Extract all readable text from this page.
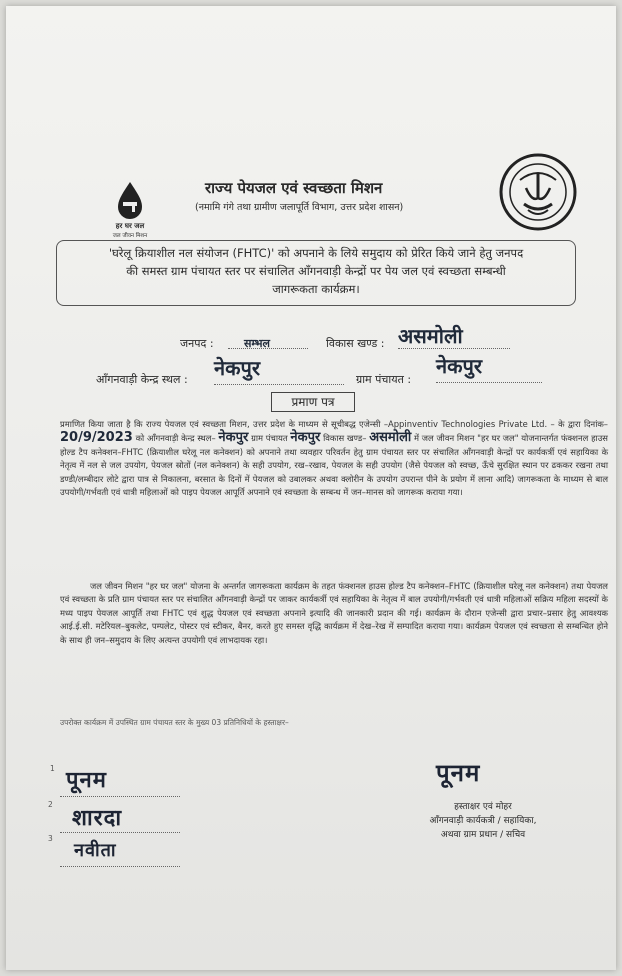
हर घर जल
जल जीवन मिशन
राज्य पेयजल एवं स्वच्छता मिशन
(नमामि गंगे तथा ग्रामीण जलापूर्ति विभाग, उत्तर प्रदेश शासन)
'घरेलू क्रियाशील नल संयोजन (FHTC)' को अपनाने के लिये समुदाय को प्रेरित किये जाने हेतु जनपद
की समस्त ग्राम पंचायत स्तर पर संचालित आँगनवाड़ी केन्द्रों पर पेय जल एवं स्वच्छता सम्बन्धी
जागरूकता कार्यक्रम।
जनपद :	सम्भल	विकास खण्ड : असमोली
आँगनवाड़ी केन्द्र स्थल : नेकपुर	ग्राम पंचायत :
नेकपुर
प्रमाण पत्र
प्रमाणित किया जाता है कि राज्य पेयजल एवं स्वच्छता मिशन, उत्तर प्रदेश के माध्यम से सूचीबद्ध एजेन्सी –Appinventiv Technologies Private Ltd. – के द्वारा दिनांक– 20/9/2023 को आँगनवाड़ी केन्द्र स्थल– नेकपुर ग्राम पंचायत नेकपुर विकास खण्ड– असमोली में जल जीवन मिशन "हर घर जल" योजनान्तर्गत फंक्शनल हाउस होल्ड टैप कनेक्शन–FHTC (क्रियाशील घरेलू नल कनेक्शन) को अपनाने तथा व्यवहार परिवर्तन हेतु ग्राम पंचायत स्तर पर संचालित आँगनवाड़ी केन्द्रों पर कार्यकर्त्री एवं सहायिका के नेतृत्व में नल से जल उपयोग, पेयजल स्रोतों (नल कनेक्शन) के सही उपयोग, रख–रखाव, पेयजल के सही उपयोग (जैसे पेयजल को स्वच्छ, ऊँचे सुरक्षित स्थान पर ढककर रखना तथा डण्डी/लम्बीदार लोटे द्वारा पात्र से निकालना, बरसात के दिनों में पेयजल को उबालकर अथवा क्लोरीन के उपयोग उपरान्त पीने के प्रयोग में लाना आदि) जागरूकता के माध्यम से बाल उपयोगी/गर्भवती एवं धात्री महिलाओं को पाइप पेयजल आपूर्ति अपनाने एवं स्वच्छता के सम्बन्ध में जन–मानस को जागरूक कराया गया।
जल जीवन मिशन "हर घर जल" योजना के अन्तर्गत जागरूकता कार्यक्रम के तहत फंक्शनल हाउस होल्ड टैप कनेक्शन–FHTC (क्रियाशील घरेलू नल कनेक्शन) तथा पेयजल एवं स्वच्छता के प्रति ग्राम पंचायत स्तर पर संचालित आँगनवाड़ी केन्द्रों पर जाकर कार्यकर्त्री एवं सहायिका के नेतृत्व में बाल उपयोगी/गर्भवती एवं धात्री महिलाओं सक्रिय महिला सदस्यों के मध्य पाइप पेयजल आपूर्ति तथा FHTC एवं शुद्ध पेयजल एवं स्वच्छता अपनाने इत्यादि की जानकारी प्रदान की गई। कार्यक्रम के दौरान एजेन्सी द्वारा प्रचार–प्रसार हेतु आवश्यक आई.ई.सी. मटेरियल–बुकलेट, पम्पलेट, पोस्टर एवं स्टीकर, बैनर, करते हुए समस्त वृद्धि कार्यक्रम में देख–रेख में सम्पादित कराया गया। कार्यक्रम पेयजल एवं स्वच्छता से सम्बन्धित होने के साथ ही जन–समुदाय के लिए अत्यन्त उपयोगी एवं लाभदायक रहा।
उपरोक्त कार्यक्रम में उपस्थित ग्राम पंचायत स्तर के मुख्य 03 प्रतिनिधियों के हस्ताक्षर–
1 पूनम
2
शारदा
3
नवीता
पूनम
हस्ताक्षर एवं मोहर
आँगनवाड़ी कार्यकत्री / सहायिका,
अथवा ग्राम प्रधान / सचिव
